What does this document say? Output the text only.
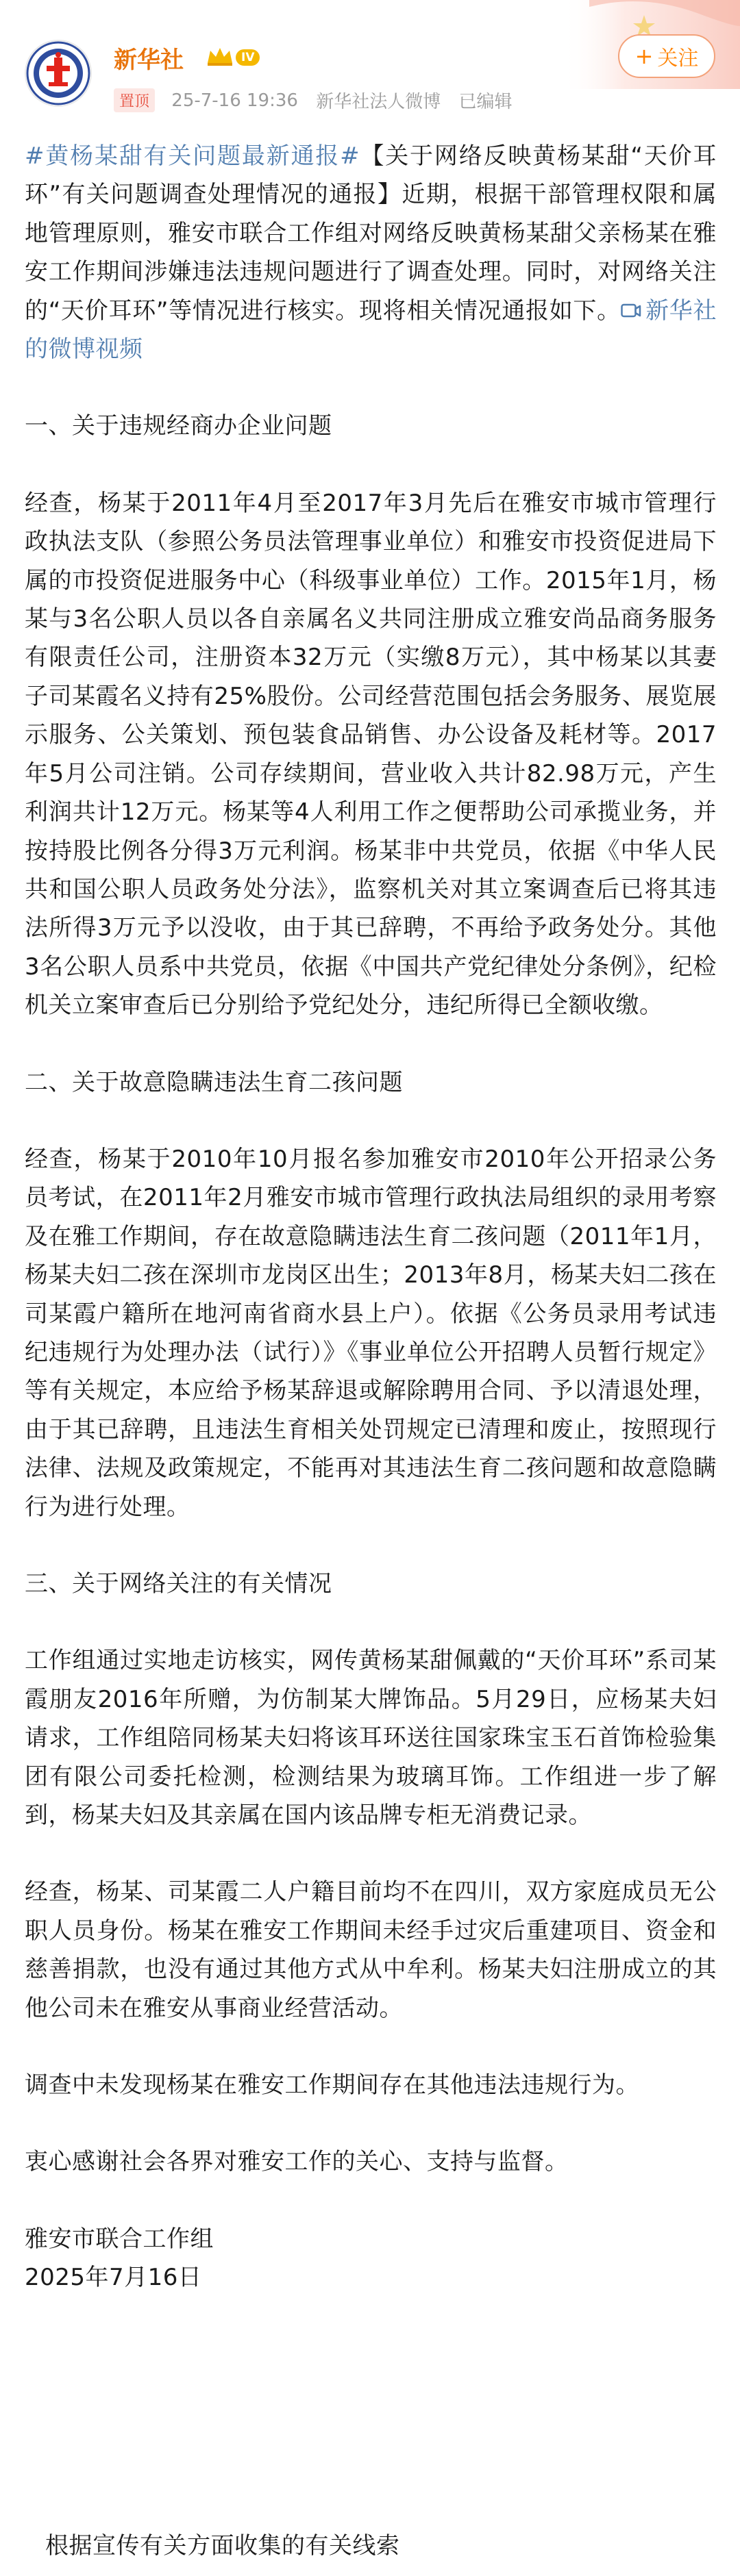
新华社	IV
置顶 25-7-16 19:36 新华社法人微博 已编辑
+ 关注

#黄杨某甜有关问题最新通报#【关于网络反映黄杨某甜“天价耳环”有关问题调查处理情况的通报】近期，根据干部管理权限和属地管理原则，雅安市联合工作组对网络反映黄杨某甜父亲杨某在雅安工作期间涉嫌违法违规问题进行了调查处理。同时，对网络关注的“天价耳环”等情况进行核实。现将相关情况通报如下。 新华社的微博视频

一、关于违规经商办企业问题

经查，杨某于2011年4月至2017年3月先后在雅安市城市管理行政执法支队（参照公务员法管理事业单位）和雅安市投资促进局下属的市投资促进服务中心（科级事业单位）工作。2015年1月，杨某与3名公职人员以各自亲属名义共同注册成立雅安尚品商务服务有限责任公司，注册资本32万元（实缴8万元），其中杨某以其妻子司某霞名义持有25%股份。公司经营范围包括会务服务、展览展示服务、公关策划、预包装食品销售、办公设备及耗材等。2017年5月公司注销。公司存续期间，营业收入共计82.98万元，产生利润共计12万元。杨某等4人利用工作之便帮助公司承揽业务，并按持股比例各分得3万元利润。杨某非中共党员，依据《中华人民共和国公职人员政务处分法》，监察机关对其立案调查后已将其违法所得3万元予以没收，由于其已辞聘，不再给予政务处分。其他3名公职人员系中共党员，依据《中国共产党纪律处分条例》，纪检机关立案审查后已分别给予党纪处分，违纪所得已全额收缴。

二、关于故意隐瞒违法生育二孩问题

经查，杨某于2010年10月报名参加雅安市2010年公开招录公务员考试，在2011年2月雅安市城市管理行政执法局组织的录用考察及在雅工作期间，存在故意隐瞒违法生育二孩问题（2011年1月，杨某夫妇二孩在深圳市龙岗区出生；2013年8月，杨某夫妇二孩在司某霞户籍所在地河南省商水县上户）。依据《公务员录用考试违纪违规行为处理办法（试行）》《事业单位公开招聘人员暂行规定》等有关规定，本应给予杨某辞退或解除聘用合同、予以清退处理，由于其已辞聘，且违法生育相关处罚规定已清理和废止，按照现行法律、法规及政策规定，不能再对其违法生育二孩问题和故意隐瞒行为进行处理。

三、关于网络关注的有关情况

工作组通过实地走访核实，网传黄杨某甜佩戴的“天价耳环”系司某霞朋友2016年所赠，为仿制某大牌饰品。5月29日，应杨某夫妇请求，工作组陪同杨某夫妇将该耳环送往国家珠宝玉石首饰检验集团有限公司委托检测，检测结果为玻璃耳饰。工作组进一步了解到，杨某夫妇及其亲属在国内该品牌专柜无消费记录。

经查，杨某、司某霞二人户籍目前均不在四川，双方家庭成员无公职人员身份。杨某在雅安工作期间未经手过灾后重建项目、资金和慈善捐款，也没有通过其他方式从中牟利。杨某夫妇注册成立的其他公司未在雅安从事商业经营活动。

调查中未发现杨某在雅安工作期间存在其他违法违规行为。

衷心感谢社会各界对雅安工作的关心、支持与监督。

雅安市联合工作组

2025年7月16日

根据宣传有关方面收集的有关线索
